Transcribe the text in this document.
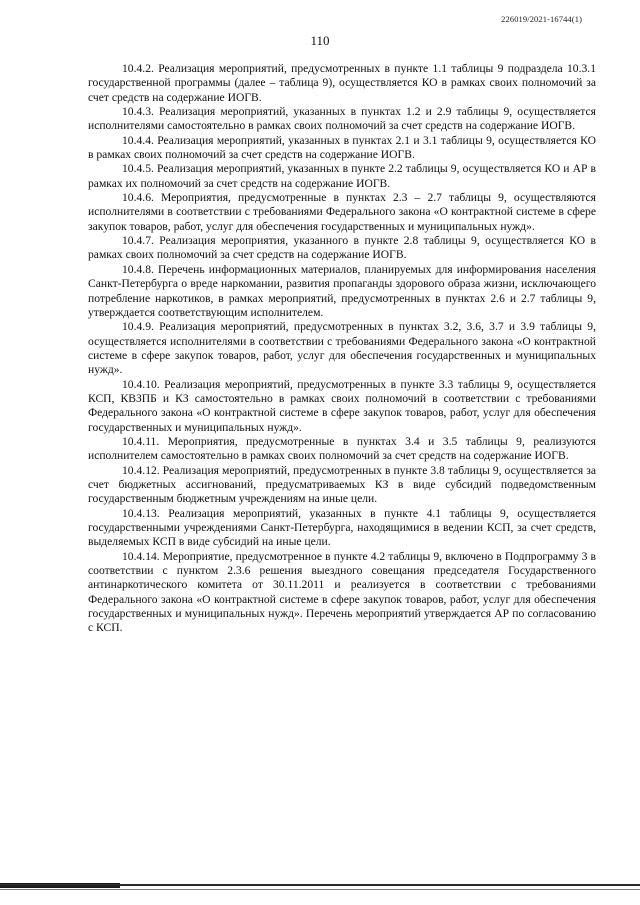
226019/2021-16744(1)
110

10.4.2. Реализация мероприятий, предусмотренных в пункте 1.1 таблицы 9 подраздела 10.3.1 государственной программы (далее – таблица 9), осуществляется КО в рамках своих полномочий за счет средств на содержание ИОГВ.

10.4.3. Реализация мероприятий, указанных в пунктах 1.2 и 2.9 таблицы 9, осуществляется исполнителями самостоятельно в рамках своих полномочий за счет средств на содержание ИОГВ.

10.4.4. Реализация мероприятий, указанных в пунктах 2.1 и 3.1 таблицы 9, осуществляется КО в рамках своих полномочий за счет средств на содержание ИОГВ.

10.4.5. Реализация мероприятий, указанных в пункте 2.2 таблицы 9, осуществляется КО и АР в рамках их полномочий за счет средств на содержание ИОГВ.

10.4.6. Мероприятия, предусмотренные в пунктах 2.3 – 2.7 таблицы 9, осуществляются исполнителями в соответствии с требованиями Федерального закона «О контрактной системе в сфере закупок товаров, работ, услуг для обеспечения государственных и муниципальных нужд».

10.4.7. Реализация мероприятия, указанного в пункте 2.8 таблицы 9, осуществляется КО в рамках своих полномочий за счет средств на содержание ИОГВ.

10.4.8. Перечень информационных материалов, планируемых для информирования населения Санкт-Петербурга о вреде наркомании, развития пропаганды здорового образа жизни, исключающего потребление наркотиков, в рамках мероприятий, предусмотренных в пунктах 2.6 и 2.7 таблицы 9, утверждается соответствующим исполнителем.

10.4.9. Реализация мероприятий, предусмотренных в пунктах 3.2, 3.6, 3.7 и 3.9 таблицы 9, осуществляется исполнителями в соответствии с требованиями Федерального закона «О контрактной системе в сфере закупок товаров, работ, услуг для обеспечения государственных и муниципальных нужд».

10.4.10. Реализация мероприятий, предусмотренных в пункте 3.3 таблицы 9, осуществляется КСП, КВЗПБ и КЗ самостоятельно в рамках своих полномочий в соответствии с требованиями Федерального закона «О контрактной системе в сфере закупок товаров, работ, услуг для обеспечения государственных и муниципальных нужд».

10.4.11. Мероприятия, предусмотренные в пунктах 3.4 и 3.5 таблицы 9, реализуются исполнителем самостоятельно в рамках своих полномочий за счет средств на содержание ИОГВ.

10.4.12. Реализация мероприятий, предусмотренных в пункте 3.8 таблицы 9, осуществляется за счет бюджетных ассигнований, предусматриваемых КЗ в виде субсидий подведомственным государственным бюджетным учреждениям на иные цели.

10.4.13. Реализация мероприятий, указанных в пункте 4.1 таблицы 9, осуществляется государственными учреждениями Санкт-Петербурга, находящимися в ведении КСП, за счет средств, выделяемых КСП в виде субсидий на иные цели.

10.4.14. Мероприятие, предусмотренное в пункте 4.2 таблицы 9, включено в Подпрограмму 3 в соответствии с пунктом 2.3.6 решения выездного совещания председателя Государственного антинаркотического комитета от 30.11.2011 и реализуется в соответствии с требованиями Федерального закона «О контрактной системе в сфере закупок товаров, работ, услуг для обеспечения государственных и муниципальных нужд». Перечень мероприятий утверждается АР по согласованию с КСП.
